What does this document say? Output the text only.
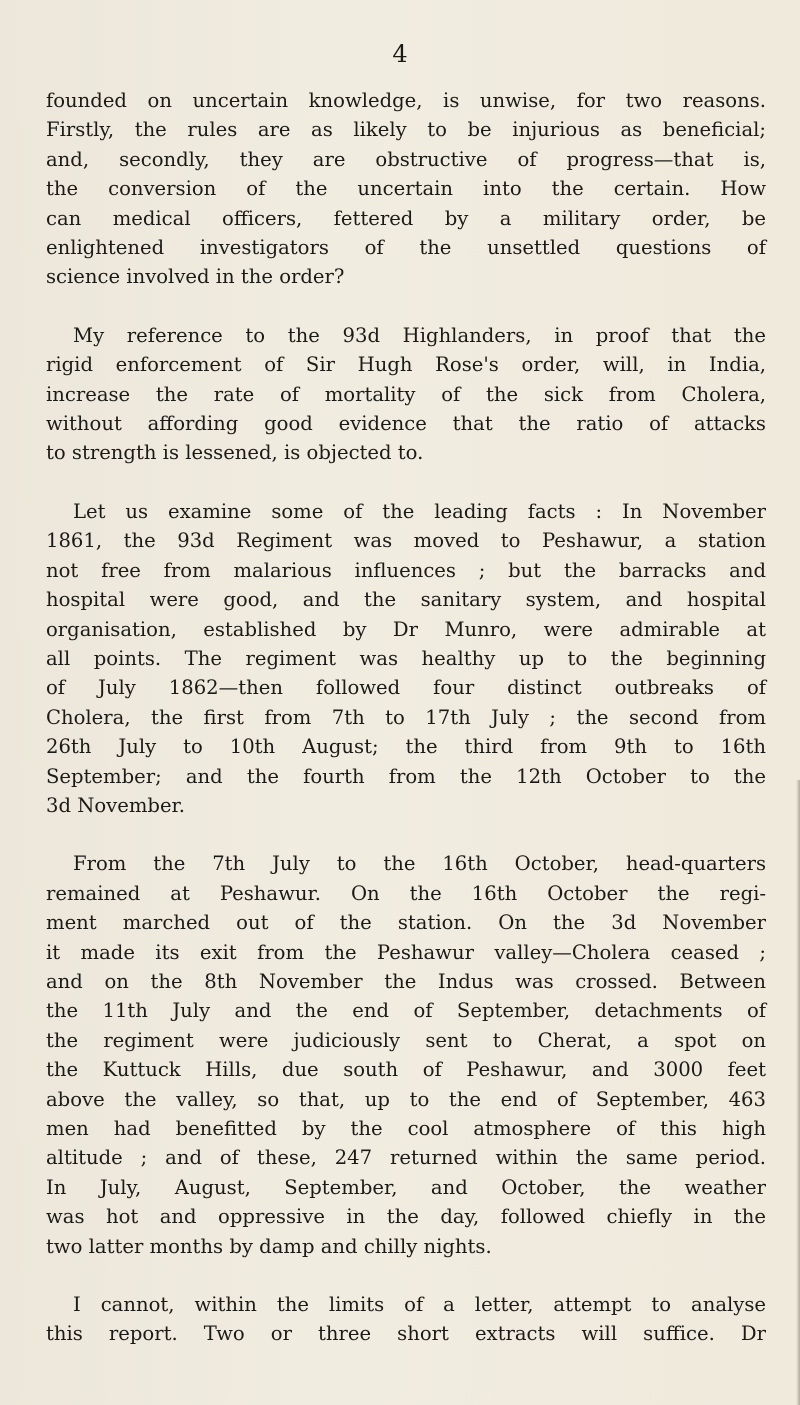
4

founded on uncertain knowledge, is unwise, for two reasons.
Firstly, the rules are as likely to be injurious as beneficial;
and, secondly, they are obstructive of progress—that is,
the conversion of the uncertain into the certain. How
can medical officers, fettered by a military order, be
enlightened investigators of the unsettled questions of
science involved in the order?

My reference to the 93d Highlanders, in proof that the
rigid enforcement of Sir Hugh Rose's order, will, in India,
increase the rate of mortality of the sick from Cholera,
without affording good evidence that the ratio of attacks
to strength is lessened, is objected to.

Let us examine some of the leading facts : In November
1861, the 93d Regiment was moved to Peshawur, a station
not free from malarious influences ; but the barracks and
hospital were good, and the sanitary system, and hospital
organisation, established by Dr Munro, were admirable at
all points. The regiment was healthy up to the beginning
of July 1862—then followed four distinct outbreaks of
Cholera, the first from 7th to 17th July ; the second from
26th July to 10th August; the third from 9th to 16th
September; and the fourth from the 12th October to the
3d November.

From the 7th July to the 16th October, head-quarters
remained at Peshawur. On the 16th October the regi-
ment marched out of the station. On the 3d November
it made its exit from the Peshawur valley—Cholera ceased ;
and on the 8th November the Indus was crossed. Between
the 11th July and the end of September, detachments of
the regiment were judiciously sent to Cherat, a spot on
the Kuttuck Hills, due south of Peshawur, and 3000 feet
above the valley, so that, up to the end of September, 463
men had benefitted by the cool atmosphere of this high
altitude ; and of these, 247 returned within the same period.
In July, August, September, and October, the weather
was hot and oppressive in the day, followed chiefly in the
two latter months by damp and chilly nights.

I cannot, within the limits of a letter, attempt to analyse
this report. Two or three short extracts will suffice. Dr
